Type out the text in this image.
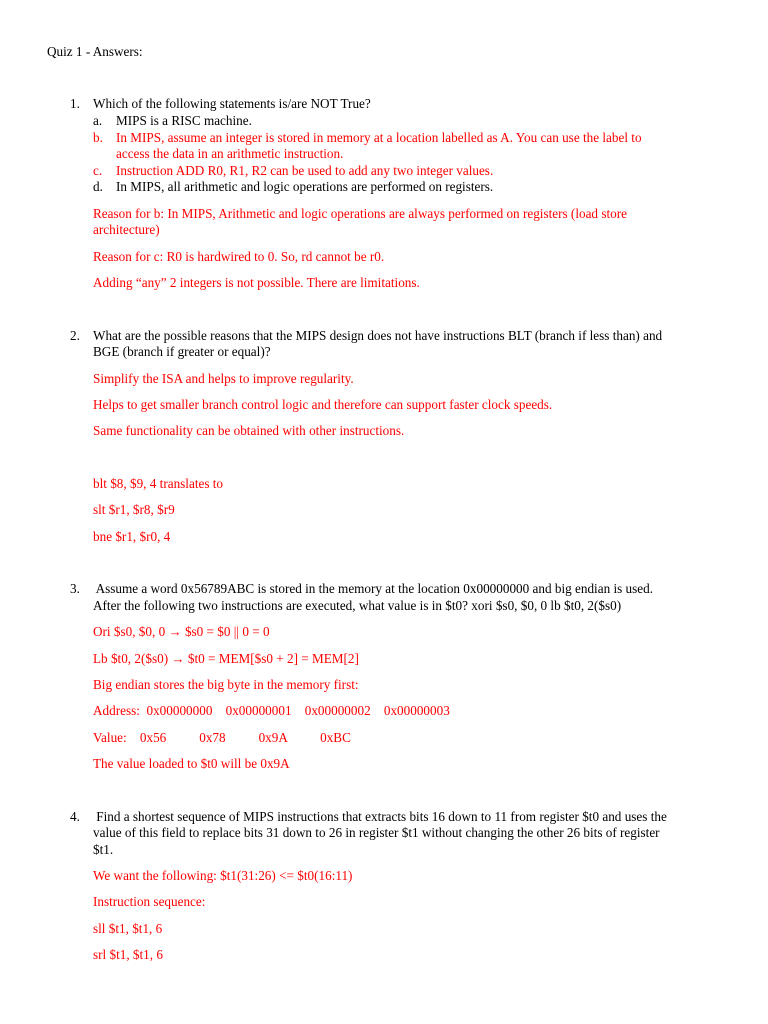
Quiz 1 - Answers:
1. Which of the following statements is/are NOT True?
a. MIPS is a RISC machine.
b. In MIPS, assume an integer is stored in memory at a location labelled as A. You can use the label to
access the data in an arithmetic instruction.
c. Instruction ADD R0, R1, R2 can be used to add any two integer values.
d. In MIPS, all arithmetic and logic operations are performed on registers.
Reason for b: In MIPS, Arithmetic and logic operations are always performed on registers (load store
architecture)
Reason for c: R0 is hardwired to 0. So, rd cannot be r0.
Adding “any” 2 integers is not possible. There are limitations.
2. What are the possible reasons that the MIPS design does not have instructions BLT (branch if less than) and
BGE (branch if greater or equal)?
Simplify the ISA and helps to improve regularity.
Helps to get smaller branch control logic and therefore can support faster clock speeds.
Same functionality can be obtained with other instructions.
blt $8, $9, 4 translates to
slt $r1, $r8, $r9
bne $r1, $r0, 4
3. Assume a word 0x56789ABC is stored in the memory at the location 0x00000000 and big endian is used.
After the following two instructions are executed, what value is in $t0? xori $s0, $0, 0 lb $t0, 2($s0)
Ori $s0, $0, 0 → $s0 = $0 || 0 = 0
Lb $t0, 2($s0) → $t0 = MEM[$s0 + 2] = MEM[2]
Big endian stores the big byte in the memory first:
Address:  0x00000000    0x00000001    0x00000002    0x00000003
Value:    0x56          0x78          0x9A          0xBC
The value loaded to $t0 will be 0x9A
4. Find a shortest sequence of MIPS instructions that extracts bits 16 down to 11 from register $t0 and uses the
value of this field to replace bits 31 down to 26 in register $t1 without changing the other 26 bits of register
$t1.
We want the following: $t1(31:26) <= $t0(16:11)
Instruction sequence:
sll $t1, $t1, 6
srl $t1, $t1, 6
